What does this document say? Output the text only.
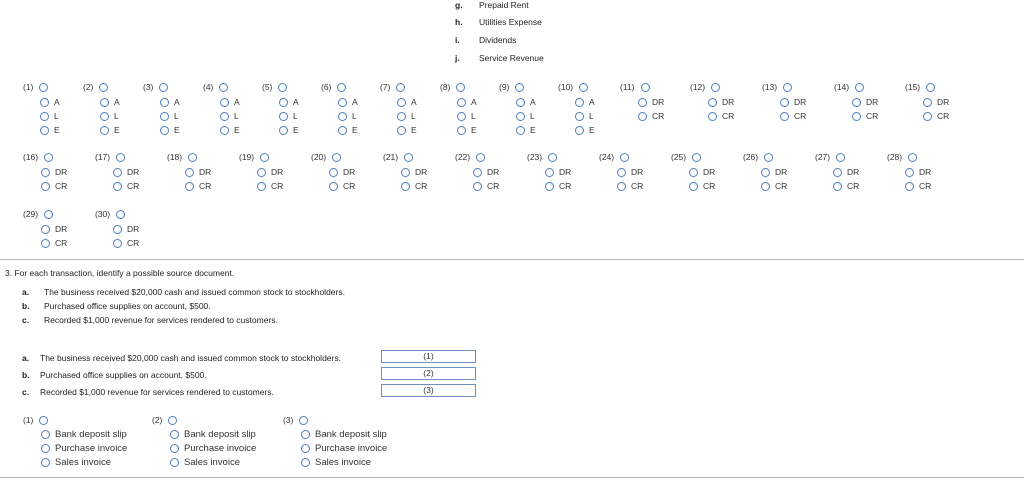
g. Prepaid Rent
h. Utilities Expense
i. Dividends
j. Service Revenue
(1)
A
L
E
(2)
A
L
E
(3)
A
L
E
(4)
A
L
E
(5)
A
L
E
(6)
A
L
E
(7)
A
L
E
(8)
A
L
E
(9)
A
L
E
(10)
A
L
E
(11)
DR
CR
(12)
DR
CR
(13)
DR
CR
(14)
DR
CR
(15)
DR
CR
(16)
DR
CR
(17)
DR
CR
(18)
DR
CR
(19)
DR
CR
(20)
DR
CR
(21)
DR
CR
(22)
DR
CR
(23)
DR
CR
(24)
DR
CR
(25)
DR
CR
(26)
DR
CR
(27)
DR
CR
(28)
DR
CR
(29)
DR
CR
(30)
DR
CR
3. For each transaction, identify a possible source document.
a. The business received $20,000 cash and issued common stock to stockholders.
b. Purchased office supplies on account, $500.
c. Recorded $1,000 revenue for services rendered to customers.
a. The business received $20,000 cash and issued common stock to stockholders.	(1)
b. Purchased office supplies on account, $500.	(2)
c. Recorded $1,000 revenue for services rendered to customers.	(3)
(1)
Bank deposit slip
Purchase invoice
Sales invoice
(2)
Bank deposit slip
Purchase invoice
Sales invoice
(3)
Bank deposit slip
Purchase invoice
Sales invoice
